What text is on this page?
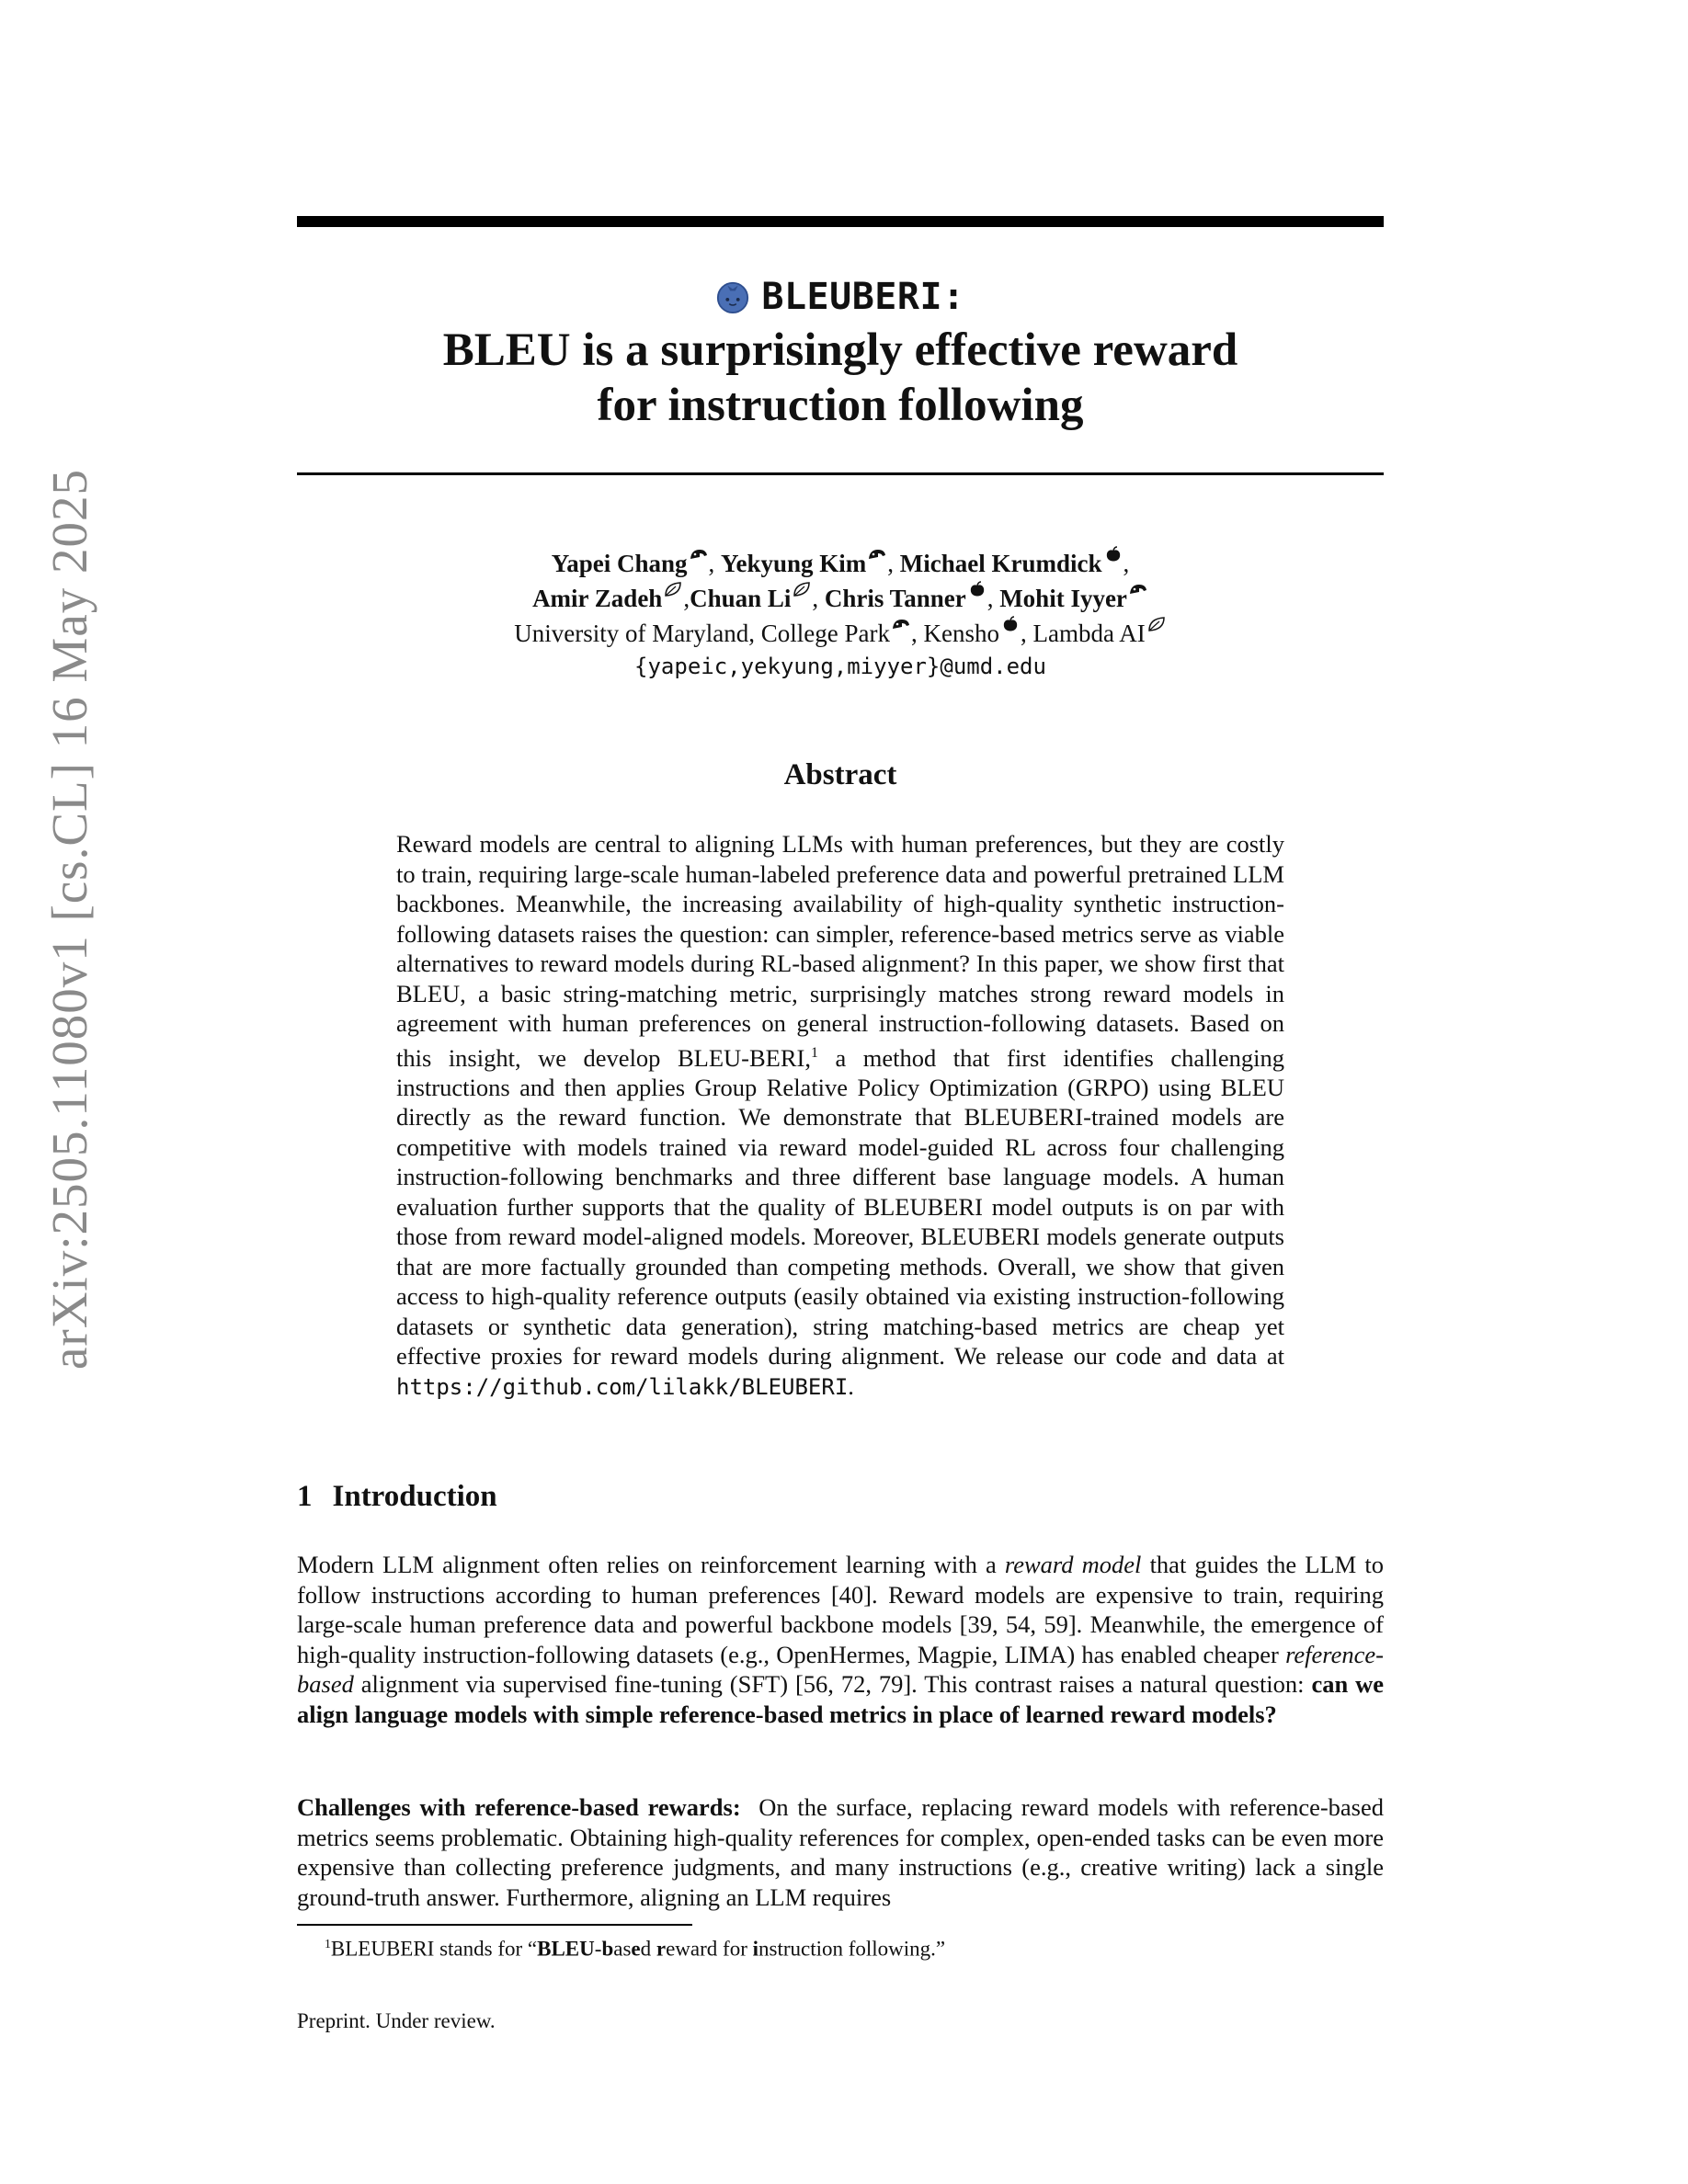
arXiv:2505.11080v1 [cs.CL] 16 May 2025
BLEUBERI:
BLEU is a surprisingly effective reward
for instruction following
Yapei Chang , Yekyung Kim , Michael Krumdick ,
Amir Zadeh ,Chuan Li , Chris Tanner , Mohit Iyyer
University of Maryland, College Park , Kensho , Lambda AI
{yapeic,yekyung,miyyer}@umd.edu
Abstract
Reward models are central to aligning LLMs with human preferences, but they are costly to train, requiring large-scale human-labeled preference data and powerful pretrained LLM backbones. Meanwhile, the increasing availability of high-quality synthetic instruction-following datasets raises the question: can simpler, reference-based metrics serve as viable alternatives to reward models during RL-based alignment? In this paper, we show first that BLEU, a basic string-matching metric, surprisingly matches strong reward models in agreement with human preferences on general instruction-following datasets. Based on this insight, we develop BLEU-BERI,$^1$ a method that first identifies challenging instructions and then applies Group Relative Policy Optimization (GRPO) using BLEU directly as the reward function. We demonstrate that BLEUBERI-trained models are competitive with models trained via reward model-guided RL across four challenging instruction-following benchmarks and three different base language models. A human evaluation further supports that the quality of BLEUBERI model outputs is on par with those from reward model-aligned models. Moreover, BLEUBERI models generate outputs that are more factually grounded than competing methods. Overall, we show that given access to high-quality reference outputs (easily obtained via existing instruction-following datasets or synthetic data generation), string matching-based metrics are cheap yet effective proxies for reward models during alignment. We release our code and data at https://github.com/lilakk/BLEUBERI.
1 Introduction
Modern LLM alignment often relies on reinforcement learning with a reward model that guides the LLM to follow instructions according to human preferences [40]. Reward models are expensive to train, requiring large-scale human preference data and powerful backbone models [39, 54, 59]. Meanwhile, the emergence of high-quality instruction-following datasets (e.g., OpenHermes, Magpie, LIMA) has enabled cheaper reference-based alignment via supervised fine-tuning (SFT) [56, 72, 79]. This contrast raises a natural question: can we align language models with simple reference-based metrics in place of learned reward models?
Challenges with reference-based rewards: On the surface, replacing reward models with reference-based metrics seems problematic. Obtaining high-quality references for complex, open-ended tasks can be even more expensive than collecting preference judgments, and many instructions (e.g., creative writing) lack a single ground-truth answer. Furthermore, aligning an LLM requires
$^1$BLEUBERI stands for “BLEU-based reward for instruction following.”
Preprint. Under review.
